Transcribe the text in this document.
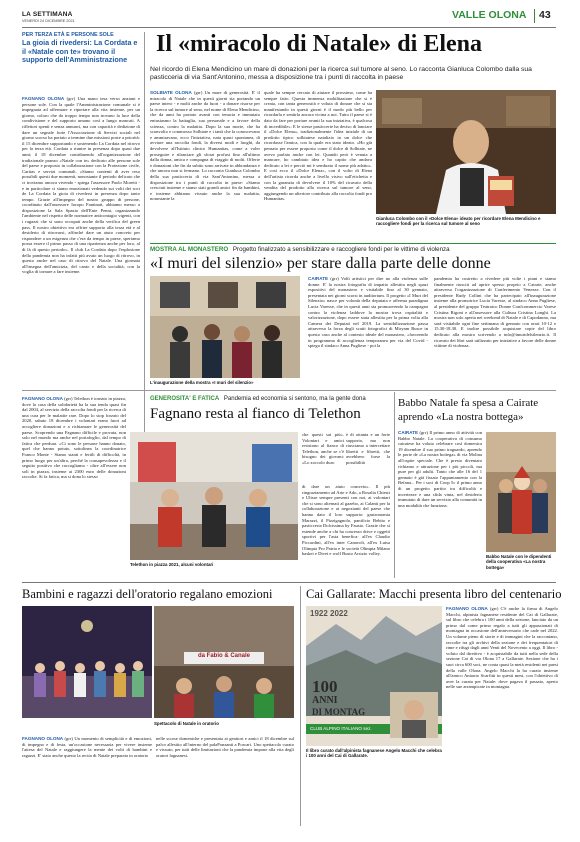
LA SETTIMANA
VENERDÌ 24 DICEMBRE 2021	VALLE OLONA 43
PER TERZA ETÀ E PERSONE SOLE
La gioia di rivedersi: La Cordata e il «Natale con te» trovano il supporto dell'Amministrazione
FAGNANO OLONA (grr) Una mano tesa verso anziani e persone sole. Con la quale l'Amministrazione comunale si è impegnata ad affermare e riportare alla vita insieme, per un giorno, coloro che da troppo tempo non trovano la luce della condivisione e del supporto umano così a lungo mancati. A riflettori spenti e senza annunci, ma con capacità e dedizione di dare un segnale forte l'Associazione di Servizi sociali nel giorno scorso ha portato a termine due missioni poste a priorità: il 15 dicembre supportando e sostenendo La Cordata nel ritrovo per la terza età. Cordata a riunire in presenza dopo quasi due anni; il 18 dicembre contribuendo all'organizzazione del tradizionale pranzo «Natale con te» dedicato alle persone sole del paese e proposto in collaborazione con la Protezione civile, Caritas e servizi comunali. «Siamo contenti di aver reso possibili questi due momenti, nonostante il periodo delicato che ci troviamo ancora vivendo - spiega l'assessore Paolo Moretti - e in particolare ci siamo emozionati vedendo sui volti dei soci de La Cordata la gioia di rivedersi in presenza dopo tanto tempo. Grazie all'impegno del nostro gruppo di persone, coordinato dall'assessore Iacopo Fantinati, abbiamo messo a disposizione la Sala Spazio dell'Ente Penni, organizzando l'ambiente nel rispetto delle normative anticontagio vigenti, con i ragazzi che si sono occupati anche della verifica del green pass. Il nostro obiettivo era offrire supporto alla terza età e al desiderio di ritrovarsi, affinché dare un aiuto concreto per rispondere a un esigenza che c'era da tempo in paese, speriamo possa essere il primo passo di una ripartenza anche per loro, al di là di questo periodo». Il club La Cordata dopo l'esplosione della pandemia non ha infatti più avuto un luogo di ritrovo, in questo anche nel caso di ritrovo del Natale. Una giornata all'insegna dell'amicizia, del canto e della socialità, con la voglia di tornare a fare insieme.
Il «miracolo di Natale» di Elena
Nel ricordo di Elena Mendicino un mare di donazioni per la ricerca sul tumore al seno. Lo racconta Gianluca Colombo dalla sua pasticceria di via Sant'Antonino, messa a disposizione tra i punti di raccolta in paese
SOLBIATE OLONA (grr) Un mare di generosità. E' il miracolo di Natale che in questi giorni sta portando un paese intero - e molti anche da fuori - a donare risorse per la ricerca sul tumore al seno, nel nome di Elena Mendicino, che da anni ha portato avanti con tenacia e immutato entusiasmo la battaglia, sua personale e a favore della scienza, contro la malattia. Dopo la sua morte, che ha sconvolto e commosso Solbiate e i tanti che la conoscevano e ammiravano, ecco l'iniziativa, nata quasi spontanea, di avviare una raccolta fondi, la diversi modi e luoghi, da devolvere all'Istituto clinico Humanitas, come a voler proseguire e rilanciare gli sforzi profusi fino all'ultimo dalla donna, amica e compagna di viaggio di molti. Offerte e donazioni che fin da subito sono arrivate in abbondanza e che ancora non si fermano. Lo racconta Gianluca Colombo della sua pasticceria di via Sant'Antonino, messa a disposizione tra i punti di raccolta in paese: «Siamo cresciuti insieme e siamo stati grandi amici fin da bambini, e insieme abbiamo vissuto anche la sua malattia, nonostante la
quale ha sempre cercato di aiutare il prossimo, come ha sempre fatto. Questa immensa mobilitazione che si è creata, con tanta generosità e voluta di donare che si sta manifestando in questi giorni è il modo più bello per ricordarla e sentirla ancora vicina a noi. Tutto il paese si è dato da fare per portare avanti la sua iniziativa, è qualcosa di incredibile». E le stesse pasticcerie ha deciso di lanciare il «Dolce Elena», tradizionalmente l'idea iniziale di un prodotto tipico solbiatese natalizio in un dolce che ricordasse l'amica, con la quale era stato ideato. «Ho già pensato per essere proposto come il dolce di Solbiate, ne avevo parlato anche con lei. Quando però è venuta a mancare, ho cambiato idea e ho capito che andava dedicato a lei e perciò mi è sembrato il nome più adatto». E così ecco il «Dolce Elena», con il volto di Elena dell'artista ricorda anche a livello visivo sull'etichetta e con la garanzia di devolvere il 10% del ricavato della vendita del prodotto alla ricerca sul tumore al seno, aggiungendo un ulteriore contributo alla raccolta fondi pro Humanitas.
Gianluca Colombo con il «Dolce Elena» ideato per ricordare Elena Mendicino e raccogliere fondi per la ricerca sul tumore al seno
MOSTRA AL MONASTERO Progetto finalizzato a sensibilizzare e raccogliere fondi per le vittime di violenza
«I muri del silenzio» per stare dalla parte delle donne
L'inaugurazione della mostra «I muri del silenzio»
CAIRATE (grr) Voltì artistici per dire no alla violenza sulle donne. E' la nostra fotografia di impatto allestita negli spazi espositivi del monastero e visitabile fino al 30 gennaio, presentata nei giorni scorsi in auditorium. Il progetto «I Muri del Silenzio» nasce per volontà della deputata e afferma paradigma Lucia Varesse, che in questi anni sta promuovendo la campagna contro la violenza laddove la mostra trova ospitalità e valorizzazione, dopo essere stata allestita per la prima volta alla Camera dei Deputati nel 2019. La sensibilizzazione passa attraverso la forza degli scatti fotografici di Miryam Rusce in questo caso anche al contesto ideale del monastero, «favorendo in programma di accoglienza temporanea per via del Covid - spiega il sindaco Anna Pugliese - poi la
pandemia ha costretto a rivedere più volte i piani e siamo finalmente riusciti ad aprire spesso proprio a Cairate, anche attraverso l'organizzazione di Conferimento Venezze. Con il presidente Rudy Collini che ha partecipato all'inaugurazione insieme alla promotrice Lucia Varesse, al sindaco Anna Pugliese, al presidente del gruppo Teatraico Donne Confcommercio Varese Cristina Rigoni e all'assessore alla Cultura Cristina Longhi. La mostra non solo aperta nei weekend di Natale e di Capodanno, ma sarà visitabile ogni fine settimana di gennaio con orari 10-12 e 15.30-18.30. E inoltre possibile acquistare copie del libro dedicato alla mostra scrivendo a info@imuridelsilenzio.it. Il ricavato dei libri sarà utilizzato per iniziative a favore delle donne vittime di violenza.
FAGNANO OLONA (grr) Telethon è tornato in piazza, dove la casa della solidarietà ha la sua tenda quasi fin dal 2004, al servizio della raccolta fondi per la ricerca di una cura per le malattie rare. Dopo lo stop forzato del 2020, sabato 18 dicembre i volontari erano fuori ad accogliere donazioni e a richiamare le generosità del paese. Scoprendo una Fagnano difficile e provata, non solo nel mondo ma anche nel portafoglio, dal tempo di fatica che perdura. «Ci sono le persone hanno donato, quel che hanno potuto, sottolinea la coordinatrice Franco Monte - Siamo stanti e fertili di difficoltà, in primo luogo per un'altra, perché la consapevolezza e il seguito positivo che raccogliamo - oltre all'essere non soli in piazza, insieme ai 2300 euro delle donazioni raccolte. Si fa fatica, ma si dona lo stesso
GENEROSITA' E FATICA Pandemia ed economia si sentono, ma la gente dona
Fagnano resta al fianco di Telethon
Telethon in piazza 2021, alcuni volontari
che questi sai più». Volontari e amici resistono al fianco di Telethon, anche se c'è bisogno dei giovani: «Lo zoccolo duro
è di ottanta e un forte supporto, ma non riusciamo a intercettare libretti e libretti, che avrebbero forse la possibilità
di dare un aiuto concreto». Il più ringraziamento ad Arte e Ado, a Rosalia Chiesti e Ulisse sempre presenti con noi, ai volontari che si sono alternati al gazebo, ai Calanti per la collaborazione e ai negozianti del paese che hanno dato il loro supporto: gastronomia Marazzi, il Pizzigagnolo, panificio Bebito e pasticceria Dolcissima by Fausto. Grazie che si estende anche a chi ha concesso drive e oggetti sportivi per l'asta benefica: all'ex Claudio Piccardini, all'ex inter Canavoli, all'ex Luisa Olimpia Pro Patria e le società Olimpia Milano basket e Divet e wolf Busto Arsizio volley.
Babbo Natale fa spesa a Cairate aprendo «La nostra bottega»
CAIRATE (grr) Il primo anno di attività con Babbo Natale. La cooperativa di consumo cairatese ha voluto celebrare così domenica 19 dicembre il suo primo traguardo, aprendo le porte de «La nostra bottega» di via Molina all'ospite speciale. Che è presto diventato richiamo e attrazione per i più piccoli, ma pure per gli adulti. Tanto che alle 16 del 1 gennaio è già fissato l'appuntamento con la Befana... Per i soci di Coop 5c il primo anno di un progetto partito tra difficoltà e incertezze e una sfida vinta, nel desiderio immutato di dare un servizio alla comunità in una modalità che funziona.
Babbo Natale con le dipendenti della cooperativa «La nostra bottega»
Bambini e ragazzi dell'oratorio regalano emozioni
da Fabio & Canale
Spettacolo di Natale in oratorio
FAGNANO OLONA (grr) Un momento di semplicità e di emozioni, di impegno e di festa, un'occasione necessaria per vivere insieme l'attesa del Natale e raggiungere la mente dei volti di bambini e ragazzi. E' stato anche questo la recita di Natale preparata in oratorio
nelle scorse domeniche e presentata ai genitori e amici il 18 dicembre sul palco allestito all'interno del palaPonzanti a Porcari. Uno spettacolo curato e vissuto, per tutti delle limitazioni che la pandemia impone alla vita degli oratori fagnanesi.
Cai Gallarate: Macchi presenta libro del centenario
1922 2022
100
ANNI
DI MONTAG
CLUB ALPINO ITALIANO sez.
Il libro curato dall'alpinista fagnanese Angelo Macchi che celebra i 100 anni del Cai di Gallarate.
FAGNANO OLONA (grr) C'è anche la firma di Angelo Macchi, alpinista fagnanese residente del Cai di Gallarate, sul libro che celebra i 100 anni della sezione, lanciato da un primo dal come primo regalo a tutti gli appassionati di montagna in occasione dell'anniversario che cade nel 2022. Un volume pieno di storie e di immagini che la raccontano, raccolte tra gli archivi della sezione e dei frequentatori di rime e rifugi dagli anni Venti del Novecento a oggi. Il libro - voluto dal direttivo - è acquistabile da tutti nella sede della sezione Cai di via Olona 17 a Gallarate. Sezione che ha i suoi circa 600 soci, ne conta quasi la metà residenti nei paesi della valle Olona. Angelo Macchi la ha curato insieme all'amico Antonio Scarfitti in questi mesi, con l'obiettivo di aver la curata per Natale: dove pagava il passato, aperto nelle sue arrampicate in montagna.
